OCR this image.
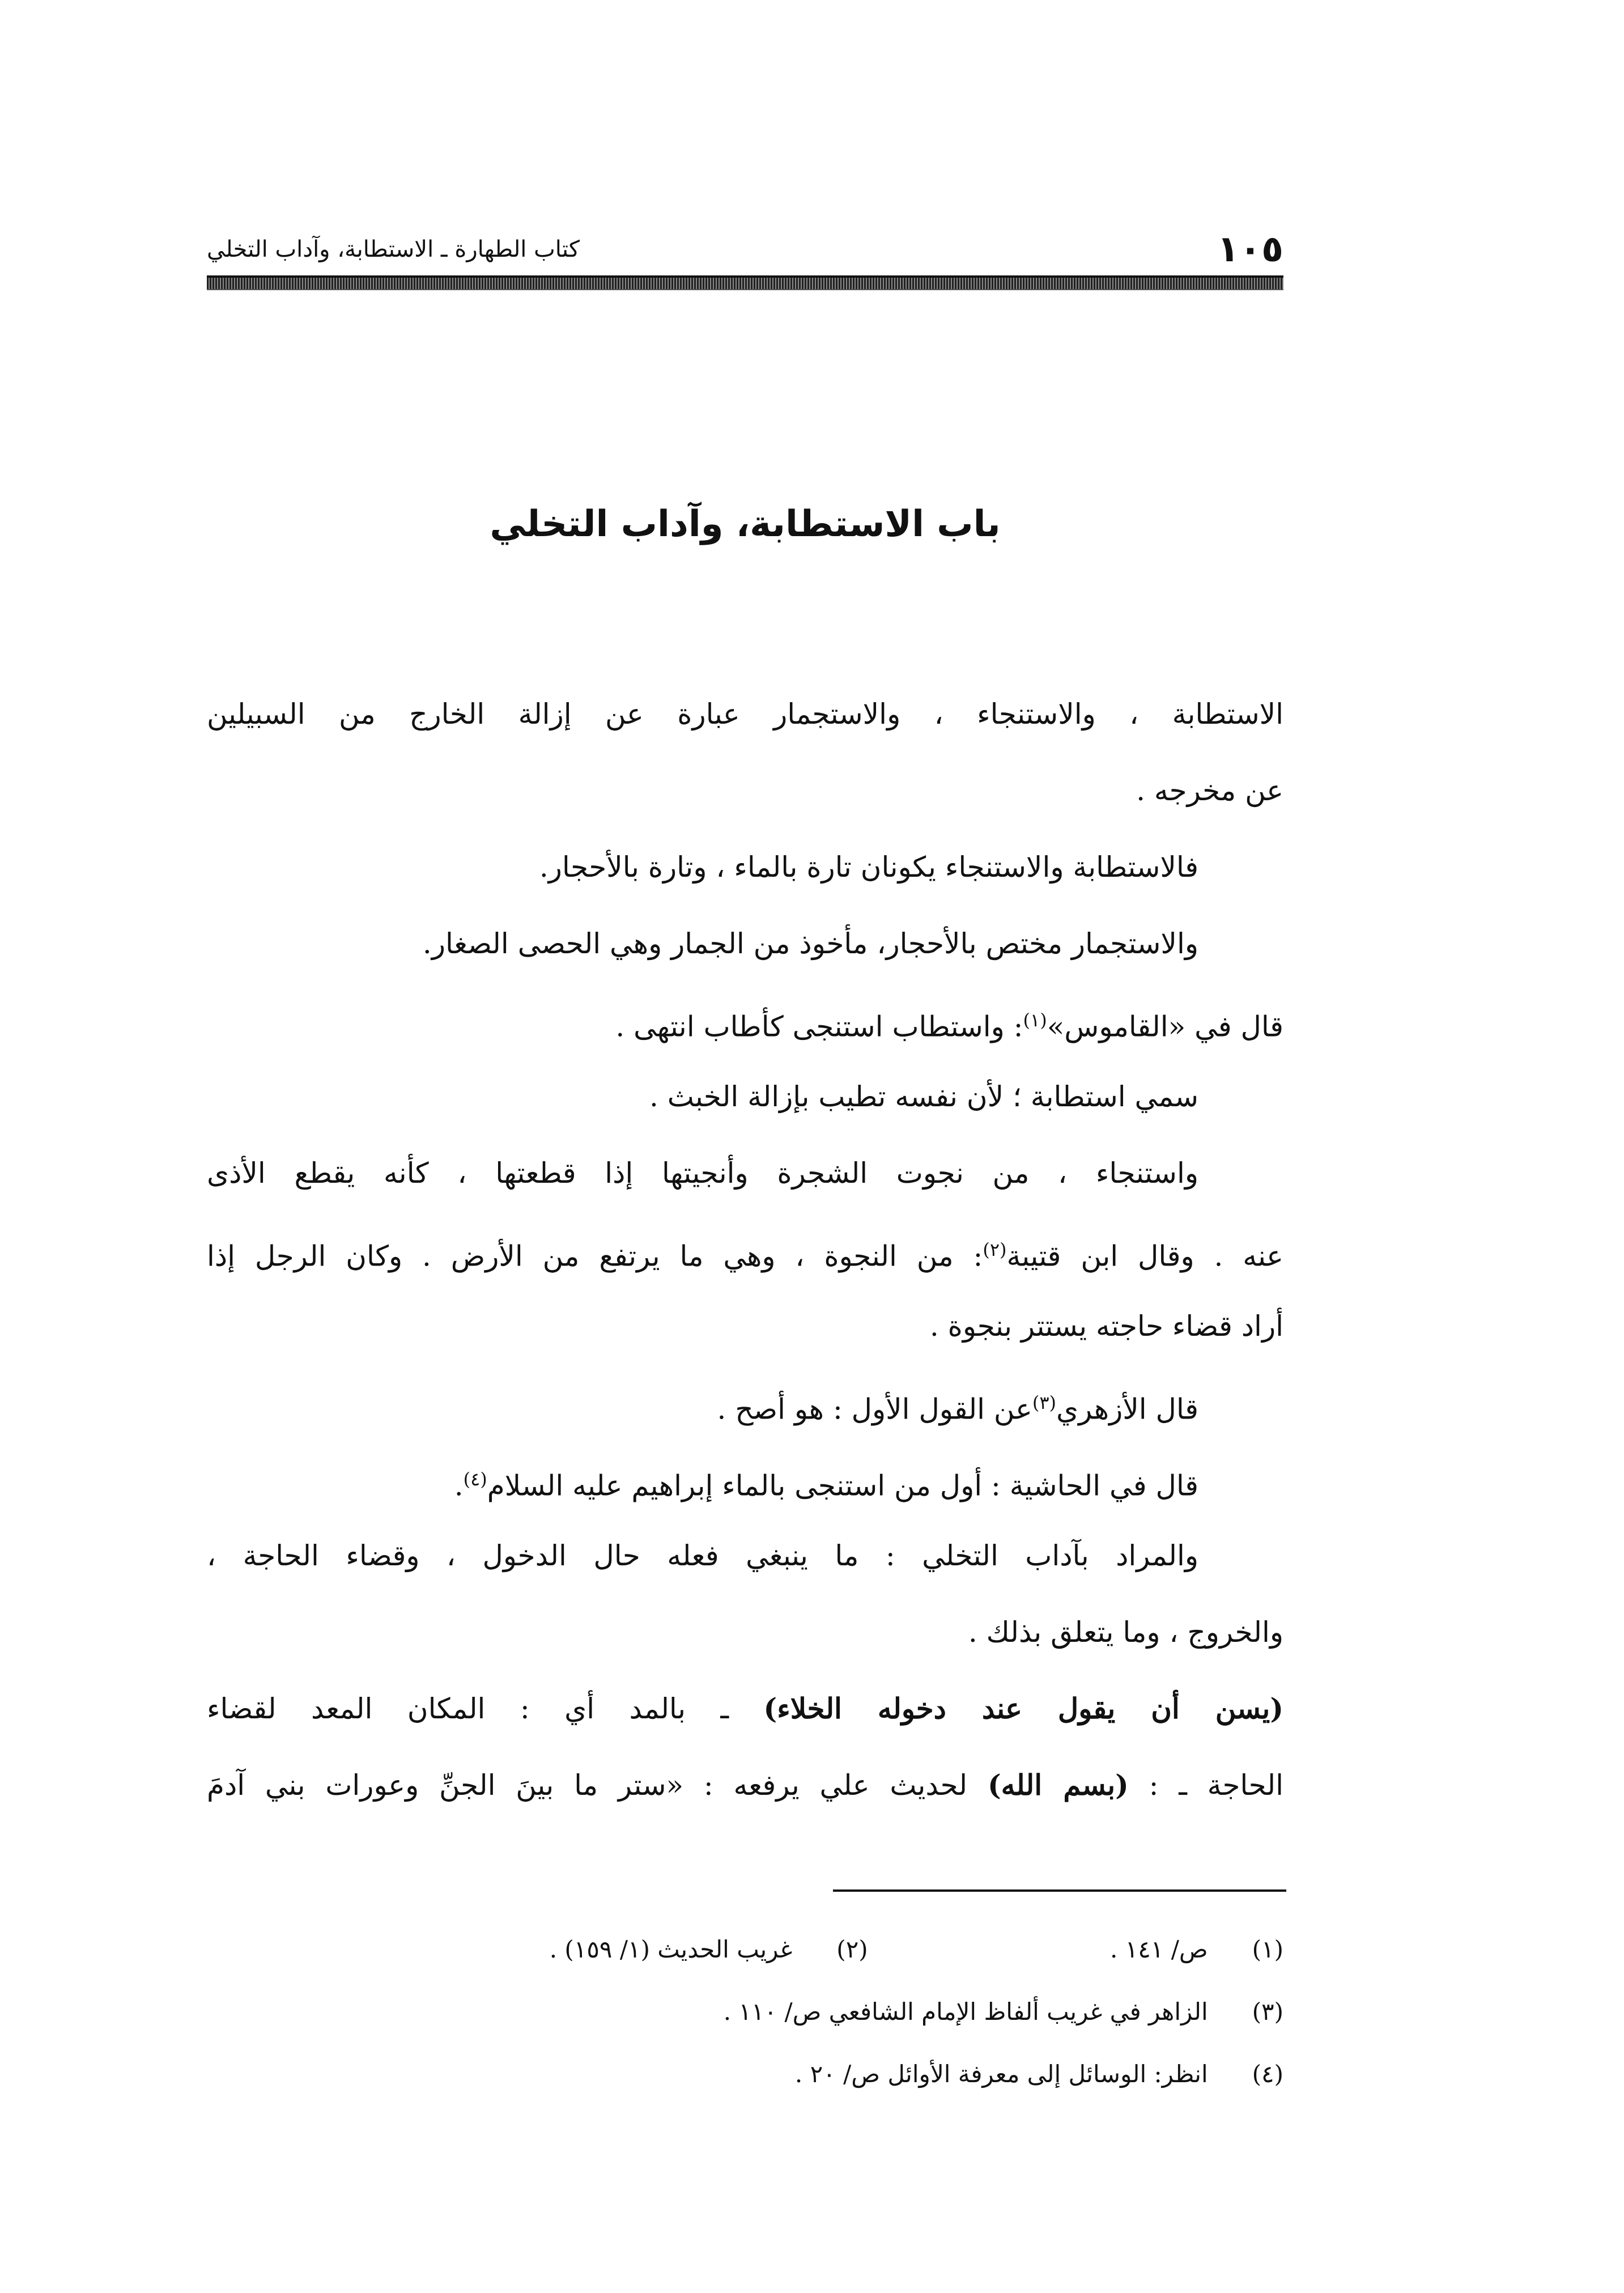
١٠٥
كتاب الطهارة ـ الاستطابة، وآداب التخلي
باب الاستطابة، وآداب التخلي
الاستطابة ، والاستنجاء ، والاستجمار عبارة عن إزالة الخارج من السبيلين
عن مخرجه .
فالاستطابة والاستنجاء يكونان تارة بالماء ، وتارة بالأحجار.
والاستجمار مختص بالأحجار، مأخوذ من الجمار وهي الحصى الصغار.
قال في «القاموس»$^{(١)}$: واستطاب استنجى كأطاب انتهى .
سمي استطابة ؛ لأن نفسه تطيب بإزالة الخبث .
واستنجاء ، من نجوت الشجرة وأنجيتها إذا قطعتها ، كأنه يقطع الأذى
عنه . وقال ابن قتيبة$^{(٢)}$: من النجوة ، وهي ما يرتفع من الأرض . وكان الرجل إذا
أراد قضاء حاجته يستتر بنجوة .
قال الأزهري$^{(٣)}$عن القول الأول : هو أصح .
قال في الحاشية : أول من استنجى بالماء إبراهيم عليه السلام$^{(٤)}$.
والمراد بآداب التخلي : ما ينبغي فعله حال الدخول ، وقضاء الحاجة ،
والخروج ، وما يتعلق بذلك .
(يسن أن يقول عند دخوله الخلاء) ـ بالمد أي : المكان المعد لقضاء
الحاجة ـ : (بسم الله) لحديث علي يرفعه : «ستر ما بينَ الجنِّ وعورات بني آدمَ
(١) ص/ ١٤١ . (٢) غريب الحديث (١/ ١٥٩) .
(٣) الزاهر في غريب ألفاظ الإمام الشافعي ص/ ١١٠ .
(٤) انظر: الوسائل إلى معرفة الأوائل ص/ ٢٠ .
